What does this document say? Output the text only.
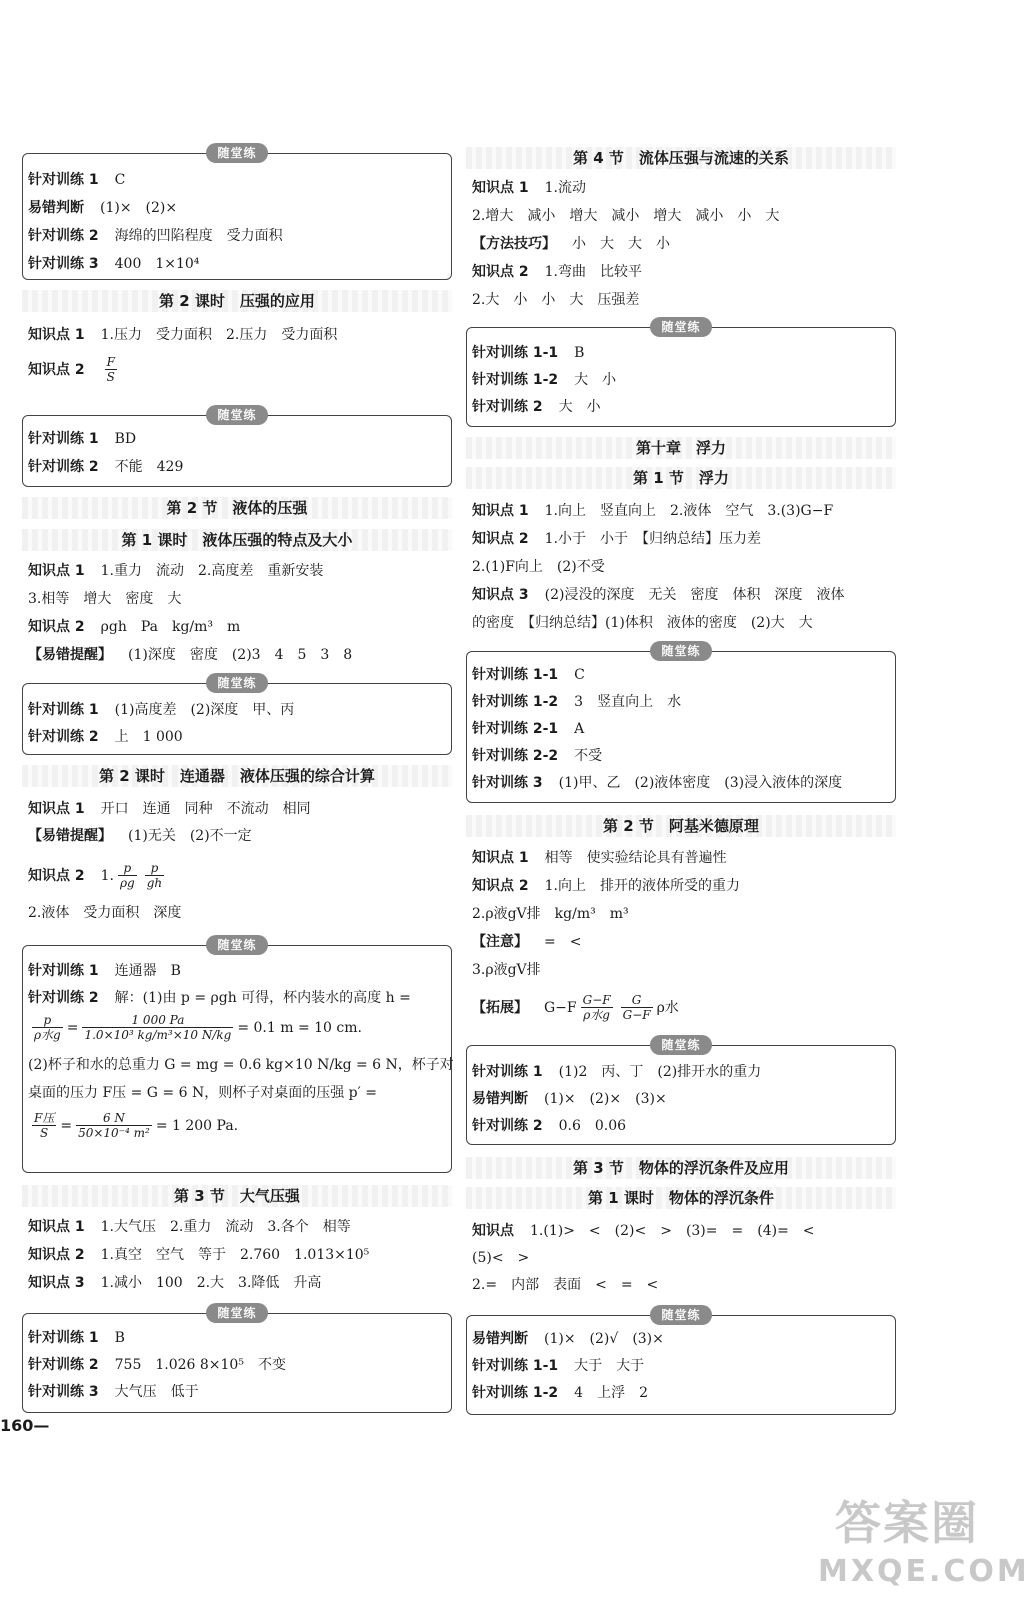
随堂练
针对训练 1 C
易错判断 (1)×　(2)×
针对训练 2 海绵的凹陷程度　受力面积
针对训练 3 400　1×10⁴
第 2 课时　压强的应用
知识点 1 1.压力　受力面积　2.压力　受力面积
知识点 $2 \frac{F}{S}$
随堂练
针对训练 1 BD
针对训练 2 不能　429
第 2 节　液体的压强
第 1 课时　液体压强的特点及大小
知识点 1 1.重力　流动　2.高度差　重新安装
3.相等　增大　密度　大
知识点 2 ρgh　Pa　kg/m³　m
【易错提醒】 (1)深度　密度　(2)3　4　5　3　8
随堂练
针对训练 1 (1)高度差　(2)深度　甲、丙
针对训练 2 上　1 000
第 2 课时　连通器　液体压强的综合计算
知识点 1 开口　连通　同种　不流动　相同
【易错提醒】 (1)无关　(2)不一定
知识点 2 1. $\frac{p}{\rho g} \frac{p}{gh}$
2.液体　受力面积　深度
随堂练
针对训练 1 连通器　B
针对训练 2 解：(1)由 p = ρgh 可得，杯内装水的高度 h =
$\frac{p}{\text{ρ水g}} = \frac{1 000 Pa}{\text{1.0×10³ kg/m³×10 N/kg}} = 0.1$ m = 10 cm.
(2)杯子和水的总重力 G = mg = 0.6 kg×10 N/kg = 6 N，杯子对
桌面的压力 F压 = G = 6 N，则杯子对桌面的压强 p′ =
$\frac{\text{F压}}{S} = \frac{6 N}{\text{50×10⁻⁴ m²}} = 1$ 200 Pa.
第 3 节　大气压强
知识点 1 1.大气压　2.重力　流动　3.各个　相等
知识点 2 1.真空　空气　等于　2.760　1.013×10⁵
知识点 3 1.减小　100　2.大　3.降低　升高
随堂练
针对训练 1 B
针对训练 2 755　1.026 8×10⁵　不变
针对训练 3 大气压　低于
第 4 节　流体压强与流速的关系
知识点 1 1.流动
2.增大　减小　增大　减小　增大　减小　小　大
【方法技巧】 小　大　大　小
知识点 2 1.弯曲　比较平
2.大　小　小　大　压强差
随堂练
针对训练 1-1 B
针对训练 1-2 大　小
针对训练 2 大　小
第十章　浮力
第 1 节　浮力
知识点 1 1.向上　竖直向上　2.液体　空气　3.(3)G−F
知识点 2 1.小于　小于　【归纳总结】压力差
2.(1)F向上　(2)不受
知识点 3 (2)浸没的深度　无关　密度　体积　深度　液体
的密度　【归纳总结】(1)体积　液体的密度　(2)大　大
随堂练
针对训练 1-1 C
针对训练 1-2 3　竖直向上　水
针对训练 2-1 A
针对训练 2-2 不受
针对训练 3 (1)甲、乙　(2)液体密度　(3)浸入液体的深度
第 2 节　阿基米德原理
知识点 1 相等　使实验结论具有普遍性
知识点 2 1.向上　排开的液体所受的重力
2.ρ液gV排　kg/m³　m³
【注意】 =　<
3.ρ液gV排
【拓展】 $G-F \frac{G-F}{\text{ρ水g}} \frac{G}{G-F}$ ρ水
随堂练
针对训练 1 (1)2　丙、丁　(2)排开水的重力
易错判断 (1)×　(2)×　(3)×
针对训练 2 0.6　0.06
第 3 节　物体的浮沉条件及应用
第 1 课时　物体的浮沉条件
知识点 1.(1)>　<　(2)<　>　(3)=　=　(4)=　<
(5)<　>
2.=　内部　表面　<　=　<
随堂练
易错判断 (1)×　(2)√　(3)×
针对训练 1-1 大于　大于
针对训练 1-2 4　上浮　2
160—
答案圈
MXQE.COM
